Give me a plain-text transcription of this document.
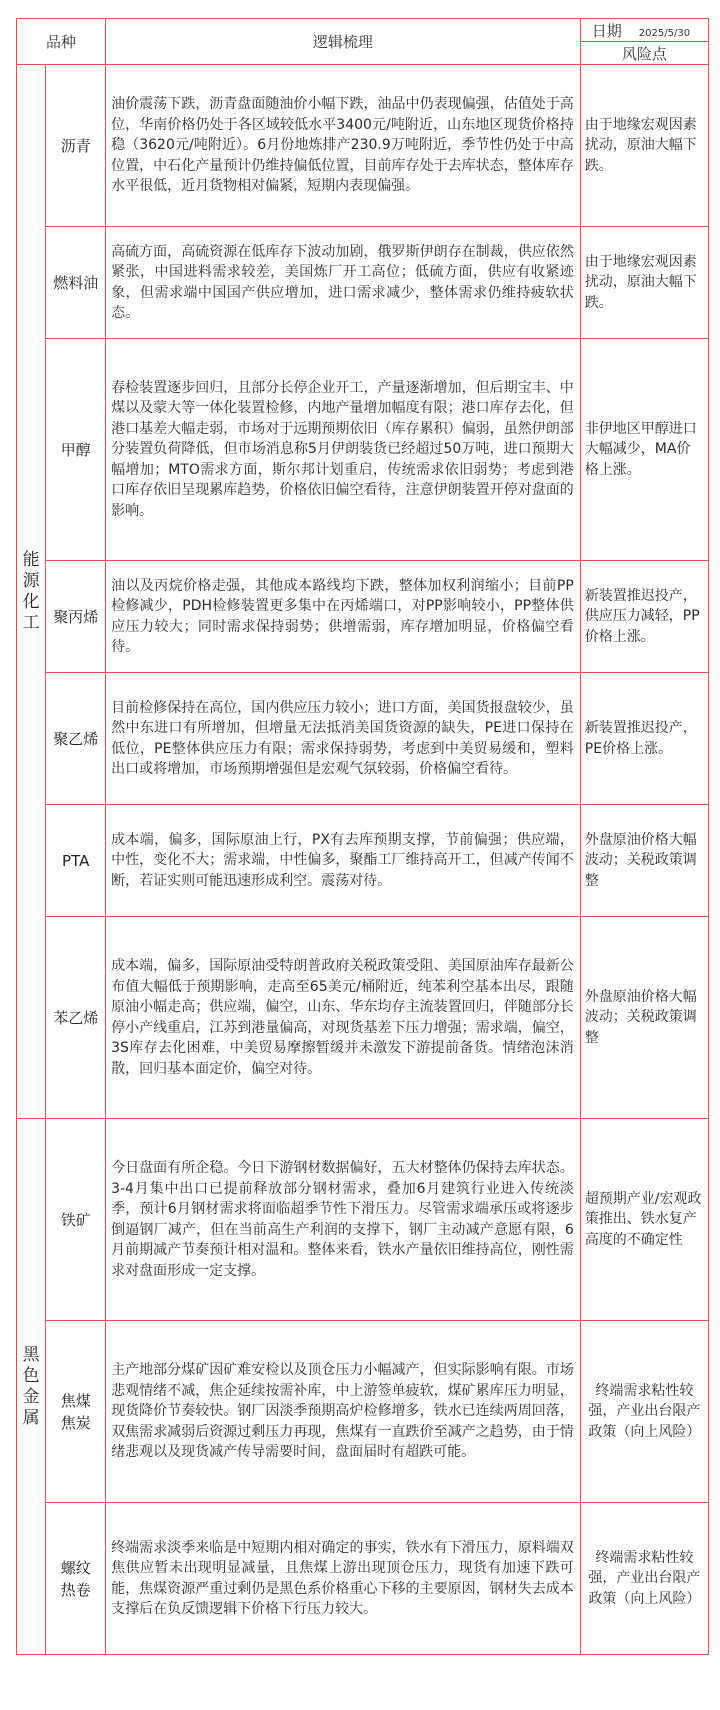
品种		逻辑梳理	日期 2025/5/30
			风险点

能
源
化
工	沥青	油价震荡下跌，沥青盘面随油价小幅下跌，油品中仍表现偏强，估值处于高位，华南价格仍处于各区域较低水平3400元/吨附近，山东地区现货价格持稳（3620元/吨附近）。6月份地炼排产230.9万吨附近，季节性仍处于中高位置，中石化产量预计仍维持偏低位置，目前库存处于去库状态，整体库存水平很低，近月货物相对偏紧，短期内表现偏强。	由于地缘宏观因素扰动，原油大幅下跌。

	燃料油	高硫方面，高硫资源在低库存下波动加剧，俄罗斯伊朗存在制裁，供应依然紧张，中国进料需求较差，美国炼厂开工高位；低硫方面，供应有收紧迹象，但需求端中国国产供应增加，进口需求减少，整体需求仍维持疲软状态。	由于地缘宏观因素扰动，原油大幅下跌。

	甲醇	春检装置逐步回归，且部分长停企业开工，产量逐渐增加，但后期宝丰、中煤以及蒙大等一体化装置检修，内地产量增加幅度有限；港口库存去化，但港口基差大幅走弱，市场对于远期预期依旧（库存累积）偏弱，虽然伊朗部分装置负荷降低，但市场消息称5月伊朗装货已经超过50万吨，进口预期大幅增加；MTO需求方面，斯尔邦计划重启，传统需求依旧弱势；考虑到港口库存依旧呈现累库趋势，价格依旧偏空看待，注意伊朗装置开停对盘面的影响。	非伊地区甲醇进口大幅减少，MA价格上涨。

	聚丙烯	油以及丙烷价格走强，其他成本路线均下跌，整体加权利润缩小；目前PP检修减少，PDH检修装置更多集中在丙烯端口，对PP影响较小，PP整体供应压力较大；同时需求保持弱势；供增需弱，库存增加明显，价格偏空看待。	新装置推迟投产，供应压力减轻，PP价格上涨。

	聚乙烯	目前检修保持在高位，国内供应压力较小；进口方面，美国货报盘较少，虽然中东进口有所增加，但增量无法抵消美国货资源的缺失，PE进口保持在低位，PE整体供应压力有限；需求保持弱势，考虑到中美贸易缓和，塑料出口或将增加，市场预期增强但是宏观气氛较弱，价格偏空看待。	新装置推迟投产，PE价格上涨。

	PTA	成本端，偏多，国际原油上行，PX有去库预期支撑，节前偏强；供应端，中性，变化不大；需求端，中性偏多，聚酯工厂维持高开工，但减产传闻不断，若证实则可能迅速形成利空。震荡对待。	外盘原油价格大幅波动；关税政策调整

	苯乙烯	成本端，偏多，国际原油受特朗普政府关税政策受阻、美国原油库存最新公布值大幅低于预期影响，走高至65美元/桶附近，纯苯利空基本出尽，跟随原油小幅走高；供应端，偏空，山东、华东均存主流装置回归，伴随部分长停小产线重启，江苏到港量偏高，对现货基差下压力增强；需求端，偏空，3S库存去化困难，中美贸易摩擦暂缓并未激发下游提前备货。情绪泡沫消散，回归基本面定价，偏空对待。	外盘原油价格大幅波动；关税政策调整

黑
色
金
属	铁矿	今日盘面有所企稳。今日下游钢材数据偏好，五大材整体仍保持去库状态。3-4月集中出口已提前释放部分钢材需求，叠加6月建筑行业进入传统淡季，预计6月钢材需求将面临超季节性下滑压力。尽管需求端承压或将逐步倒逼钢厂减产，但在当前高生产利润的支撑下，钢厂主动减产意愿有限，6月前期减产节奏预计相对温和。整体来看，铁水产量依旧维持高位，刚性需求对盘面形成一定支撑。	超预期产业/宏观政策推出、铁水复产高度的不确定性

	焦煤
焦炭	主产地部分煤矿因矿难安检以及顶仓压力小幅减产，但实际影响有限。市场悲观情绪不减，焦企延续按需补库，中上游签单疲软，煤矿累库压力明显，现货降价节奏较快。钢厂因淡季预期高炉检修增多，铁水已连续两周回落，双焦需求减弱后资源过剩压力再现，焦煤有一直跌价至减产之趋势，由于情绪悲观以及现货减产传导需要时间，盘面届时有超跌可能。	终端需求粘性较强，产业出台限产政策（向上风险）

	螺纹
热卷	终端需求淡季来临是中短期内相对确定的事实，铁水有下滑压力，原料端双焦供应暂未出现明显减量，且焦煤上游出现顶仓压力，现货有加速下跌可能，焦煤资源严重过剩仍是黑色系价格重心下移的主要原因，钢材失去成本支撑后在负反馈逻辑下价格下行压力较大。	终端需求粘性较强，产业出台限产政策（向上风险）
